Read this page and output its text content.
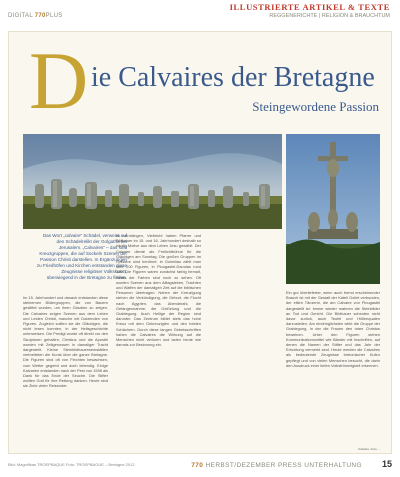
DIGITAL 770PLUS
ILLUSTRIERTE ARTIKEL & TEXTE
REGGENERICHTE | RELIGION & BRAUCHTUM
D ie Calvaires der Bretagne
Steingewordene Passion
Das Wort „calvaire“ Schädel, verweist auf den Schädelrelikt der Golgatha bei Jerusalem. „Calvaires“ – das sind Kreuzgruppen, die auf Sockeln Szenen der Passion Christi darstellen. In Ergänzungen zu Friedhöfen und Kirchen entstanden diese Zeugnisse religiöser Volkskunst, überwiegend in der Bretagne zu finden.
Im 15. Jahrhundert und danach entstanden diese steinernen Bildergruppen, die von Bauern gestiftet wurden, um ihren Glauben zu zeigen. Die Calvaires zeigen Szenen aus dem Leben und Leiden Christi, manche mit Dutzenden von Figuren. Zugleich sollten sie die Gläubigen, die nicht lesen konnten, in der Heilsgeschichte unterweisen. Die Predigt wurde oft direkt vor den Skulpturen gehalten, Christus und die Apostel wurden mit Zeitgenossen in damaliger Tracht dargestellt. Kleine Steinbildhauerwerkstätten verbreiteten die Kunst über die ganze Bretagne. Die Figuren sind oft von Flechten bewachsen, vom Wetter gegerbt und doch lebendig. Einige Kalvarien entstanden nach der Pest von 1598 als Dank für das Ende der Seuche. Die Stifter wollten Gott für ihre Rettung danken. Heute sind sie Ziele vieler Reisender.
zu verdrängen, Vielleicht haben Pfarrer und Bildhauer im 15. und 16. Jahrhundert deshalb so häufig Motive aus dem Leben Jesu gewählt. Der Calvaire diente als Freilichtbühne für die Gläubigen am Sonntag. Die großen Gruppen im Finistère sind berühmt. In Guimiliau zählt man über 200 Figuren, in Plougastel-Daoulas rund 180. Die Figuren waren zunächst farbig bemalt, Reste der Farben sind noch zu sehen. Oft wurden Szenen aus dem Alltagsleben, Trachten und Waffen der damaligen Zeit auf die biblischen Personen übertragen. Neben der Kreuzigung stehen die Verkündigung, die Geburt, die Flucht nach Ägypten, das Abendmahl, die Gefangennahme, die Geißelung und die Grablegung. Auch Heilige der Region sind darunter. Das Zentrum bildet stets das hohe Kreuz mit dem Gekreuzigten und den beiden Schächern. Durch diese langen Gebetsschriften haben die Calvaires die Wirkung auf die Menschen nicht verloren und laden heute wie damals zur Besinnung ein.
Ein gut überlieferter, wenn auch fremd erscheinender Brauch ist mit der Gestalt der Katell Gollet verbunden, der eitlen Tänzerin, die am Calvaire von Plougastel dargestellt ist. Immer wieder mahnen die Steinbilder an Tod und Gericht. Die Bildhauer scheuten nicht davor zurück, auch Teufel und Höllenqualen darzustellen. Am eindringlichsten wirkt die Gruppe der Grablegung, in der die Frauen den toten Christus beweinen. Unter den Figuren stehen Kommunikationsmittel wie Bänder mit Inschriften, auf denen die Namen der Stifter und das Jahr der Errichtung vermerkt sind. Heute werden die Calvaires als bedeutende Zeugnisse bretonischer Kultur gepflegt und von vielen Menschen besucht, die darin den Ausdruck einer tiefen Volksfrömmigkeit erkennen.
Calvaire, Foto ...
Bild: Magnifikas TROEPBAQUE Foto: TROEPBAGUE – Bretagne 2012	770 HERBST/DEZEMBER PRESS UNTERHALTUNG	15
